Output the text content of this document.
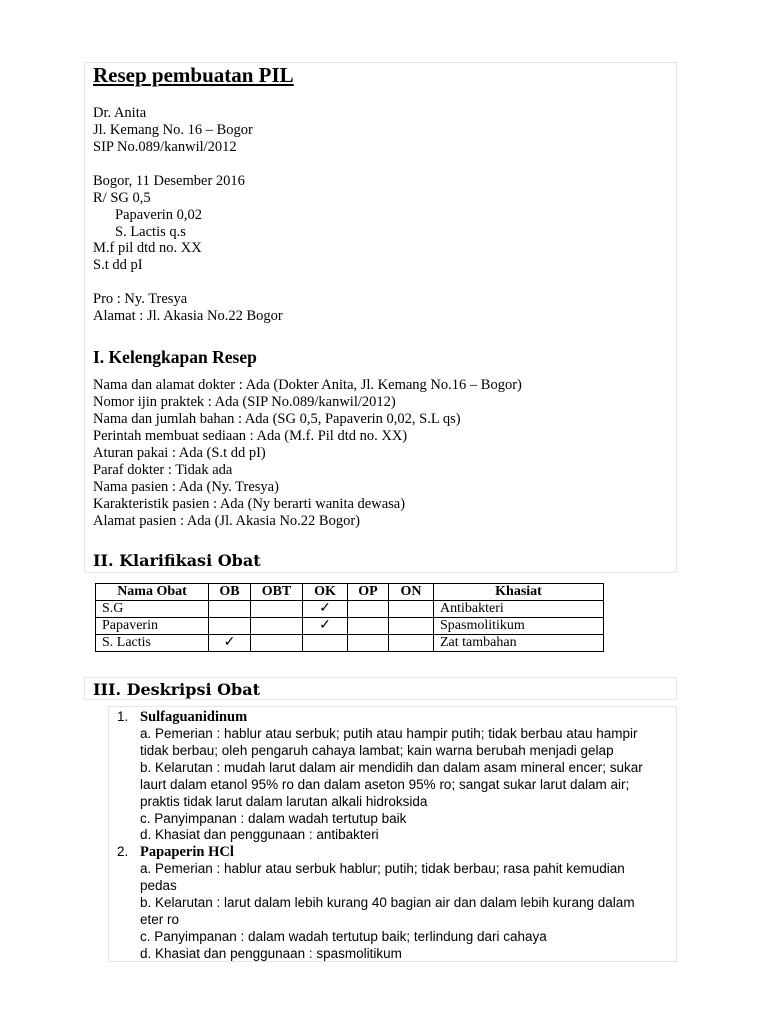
Resep pembuatan PIL
Dr. Anita
Jl. Kemang No. 16 – Bogor
SIP No.089/kanwil/2012
Bogor, 11 Desember 2016
R/ SG 0,5
Papaverin 0,02
S. Lactis q.s
M.f pil dtd no. XX
S.t dd pI
Pro : Ny. Tresya
Alamat : Jl. Akasia No.22 Bogor
I. Kelengkapan Resep
Nama dan alamat dokter : Ada (Dokter Anita, Jl. Kemang No.16 – Bogor)
Nomor ijin praktek : Ada (SIP No.089/kanwil/2012)
Nama dan jumlah bahan : Ada (SG 0,5, Papaverin 0,02, S.L qs)
Perintah membuat sediaan : Ada (M.f. Pil dtd no. XX)
Aturan pakai : Ada (S.t dd pI)
Paraf dokter : Tidak ada
Nama pasien : Ada (Ny. Tresya)
Karakteristik pasien : Ada (Ny berarti wanita dewasa)
Alamat pasien : Ada (Jl. Akasia No.22 Bogor)
II. Klarifikasi Obat
Nama Obat	OB	OBT	OK	OP	ON	Khasiat
S.G			✓			Antibakteri
Papaverin			✓			Spasmolitikum
S. Lactis	✓					Zat tambahan
III. Deskripsi Obat
1. Sulfaguanidinum
a. Pemerian : hablur atau serbuk; putih atau hampir putih; tidak berbau atau hampir
tidak berbau; oleh pengaruh cahaya lambat; kain warna berubah menjadi gelap
b. Kelarutan : mudah larut dalam air mendidih dan dalam asam mineral encer; sukar
laurt dalam etanol 95% ro dan dalam aseton 95% ro; sangat sukar larut dalam air;
praktis tidak larut dalam larutan alkali hidroksida
c. Panyimpanan : dalam wadah tertutup baik
d. Khasiat dan penggunaan : antibakteri
2. Papaperin HCl
a. Pemerian : hablur atau serbuk hablur; putih; tidak berbau; rasa pahit kemudian
pedas
b. Kelarutan : larut dalam lebih kurang 40 bagian air dan dalam lebih kurang dalam
eter ro
c. Panyimpanan : dalam wadah tertutup baik; terlindung dari cahaya
d. Khasiat dan penggunaan : spasmolitikum
